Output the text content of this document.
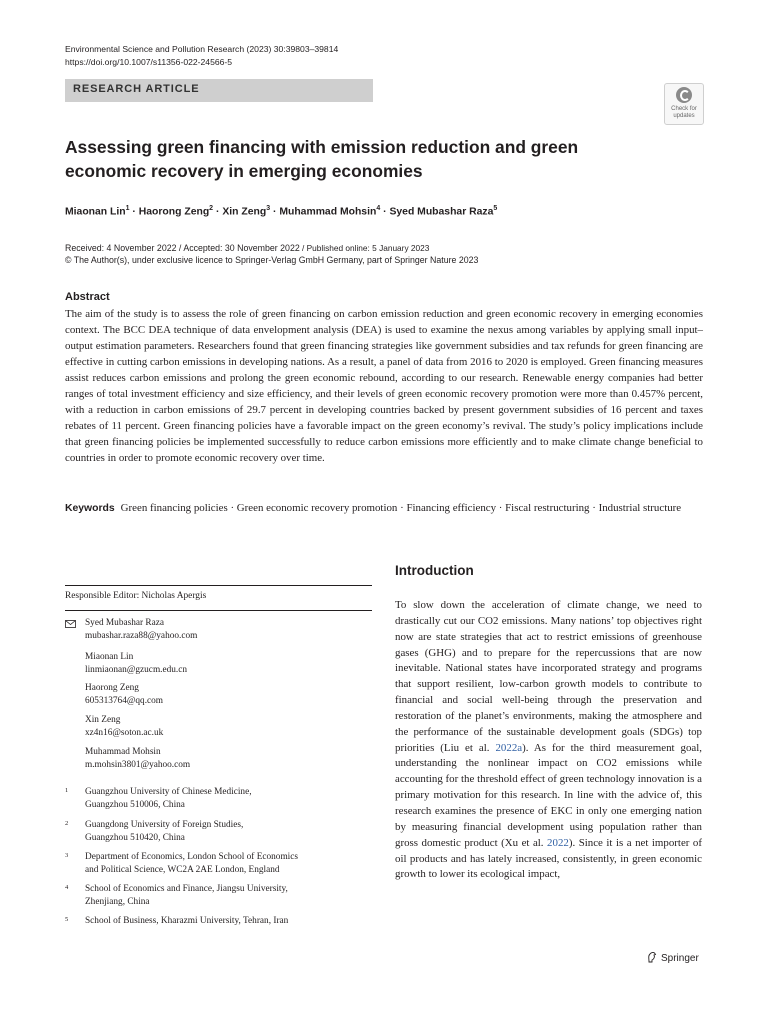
Environmental Science and Pollution Research (2023) 30:39803–39814
https://doi.org/10.1007/s11356-022-24566-5
RESEARCH ARTICLE
Check for
updates
Assessing green financing with emission reduction and green
economic recovery in emerging economies
Miaonan Lin$^1$ · Haorong Zeng$^2$ · Xin Zeng$^3$ · Muhammad Mohsin$^4$ · Syed Mubashar Raza$^5$
Received: 4 November 2022 / Accepted: 30 November 2022 / Published online: 5 January 2023
© The Author(s), under exclusive licence to Springer-Verlag GmbH Germany, part of Springer Nature 2023
Abstract

The aim of the study is to assess the role of green financing on carbon emission reduction and green economic recovery in emerging economies context. The BCC DEA technique of data envelopment analysis (DEA) is used to examine the nexus among variables by applying small input–output estimation parameters. Researchers found that green financing strategies like government subsidies and tax refunds for green financing are effective in cutting carbon emissions in developing nations. As a result, a panel of data from 2016 to 2020 is employed. Green financing measures assist reduces carbon emissions and prolong the green economic rebound, according to our research. Renewable energy companies had better ranges of total investment efficiency and size efficiency, and their levels of green economic recovery promotion were more than 0.457% percent, with a reduction in carbon emissions of 29.7 percent in developing countries backed by present government subsidies of 16 percent and taxes rebates of 11 percent. Green financing policies have a favorable impact on the green economy’s revival. The study’s policy implications include that green financing policies be implemented successfully to reduce carbon emissions more efficiently and to make climate change beneficial to countries in order to promote economic recovery over time.

Keywords Green financing policies · Green economic recovery promotion · Financing efficiency · Fiscal restructuring · Industrial structure
Responsible Editor: Nicholas Apergis
Syed Mubashar Raza
mubashar.raza88@yahoo.com
Miaonan Lin
linmiaonan@gzucm.edu.cn
Haorong Zeng
605313764@qq.com
Xin Zeng
xz4n16@soton.ac.uk
Muhammad Mohsin
m.mohsin3801@yahoo.com
1 Guangzhou University of Chinese Medicine,
Guangzhou 510006, China
2 Guangdong University of Foreign Studies,
Guangzhou 510420, China
3 Department of Economics, London School of Economics
and Political Science, WC2A 2AE London, England
4 School of Economics and Finance, Jiangsu University,
Zhenjiang, China
5 School of Business, Kharazmi University, Tehran, Iran
Introduction

To slow down the acceleration of climate change, we need to drastically cut our CO2 emissions. Many nations’ top objectives right now are state strategies that act to restrict emissions of greenhouse gases (GHG) and to prepare for the repercussions that are now inevitable. National states have incorporated strategy and programs that support resilient, low-carbon growth models to contribute to financial and social well-being through the preservation and restoration of the planet’s environments, making the atmosphere and the performance of the sustainable development goals (SDGs) top priorities (Liu et al. 2022a). As for the third measurement goal, understanding the nonlinear impact on CO2 emissions while accounting for the threshold effect of green technology innovation is a primary motivation for this research. In line with the advice of, this research examines the presence of EKC in only one emerging nation by measuring financial development using population rather than gross domestic product (Xu et al. 2022). Since it is a net importer of oil products and has lately increased, consistently, in green economic growth to lower its ecological impact,

Springer
